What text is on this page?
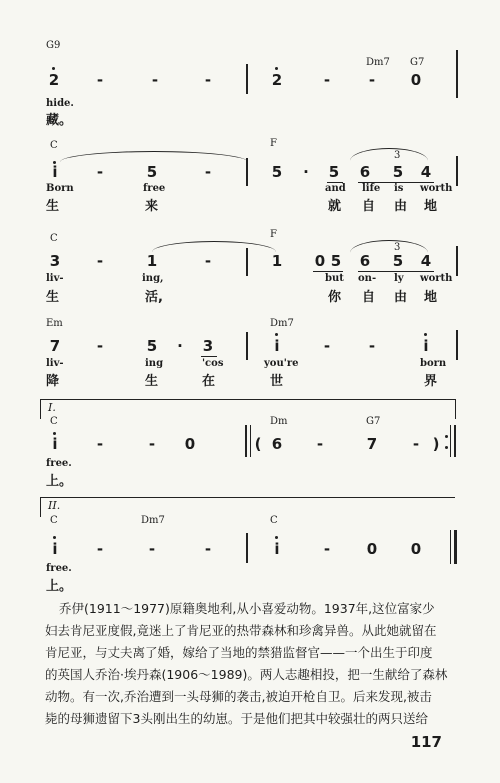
G9
Dm7 G7
2	-	-	-	2	-	- 0
hide.
藏。
C	F
i	-	5	-	5 · 5
3
6 5 4
Born	free	and life is worth
生	来	就 自 由 地
C	F
3 -	1	-	1 0 5
3
6 5 4
liv-	ing,	but on- ly worth
生	活,	你 自 由 地
Em	Dm7
7 -	5 · 3	i	-	-	i
liv-	ing	'cos	you're	born
降	生	在	世	界
I.
C	Dm	G7
i	-	- 0	( 6 -	7 - )
free.
上。
II.
C	Dm7	C
i	-	-	-	i	- 0 0
free.
上。
乔伊(1911～1977)原籍奥地利,从小喜爱动物。1937年,这位富家少
妇去肯尼亚度假,竟迷上了肯尼亚的热带森林和珍禽异兽。从此她就留在
肯尼亚，与丈夫离了婚，嫁给了当地的禁猎监督官——一个出生于印度
的英国人乔治·埃丹森(1906～1989)。两人志趣相投，把一生献给了森林
动物。有一次,乔治遭到一头母狮的袭击,被迫开枪自卫。后来发现,被击
毙的母狮遗留下3头刚出生的幼崽。于是他们把其中较强壮的两只送给
117
